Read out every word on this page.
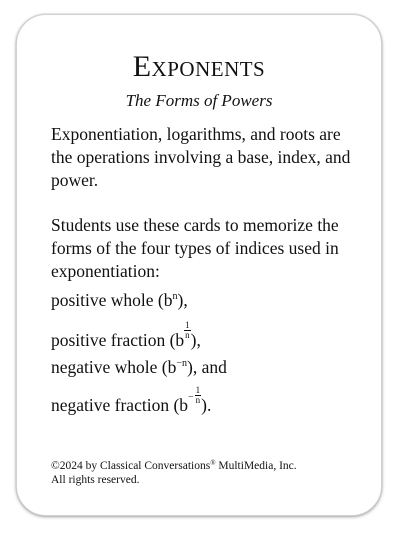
Exponents
The Forms of Powers

Exponentiation, logarithms, and roots are the operations involving a base, index, and power.

Students use these cards to memorize the forms of the four types of indices used in exponentiation:

positive whole $(b^n)$,
positive fraction ($b \frac{1}{n}$ ),
negative whole $(b^{-n})$, and
negative fraction ($b- \frac{1}{n}$ ).
©2024 by Classical Conversations® MultiMedia, Inc.
All rights reserved.
